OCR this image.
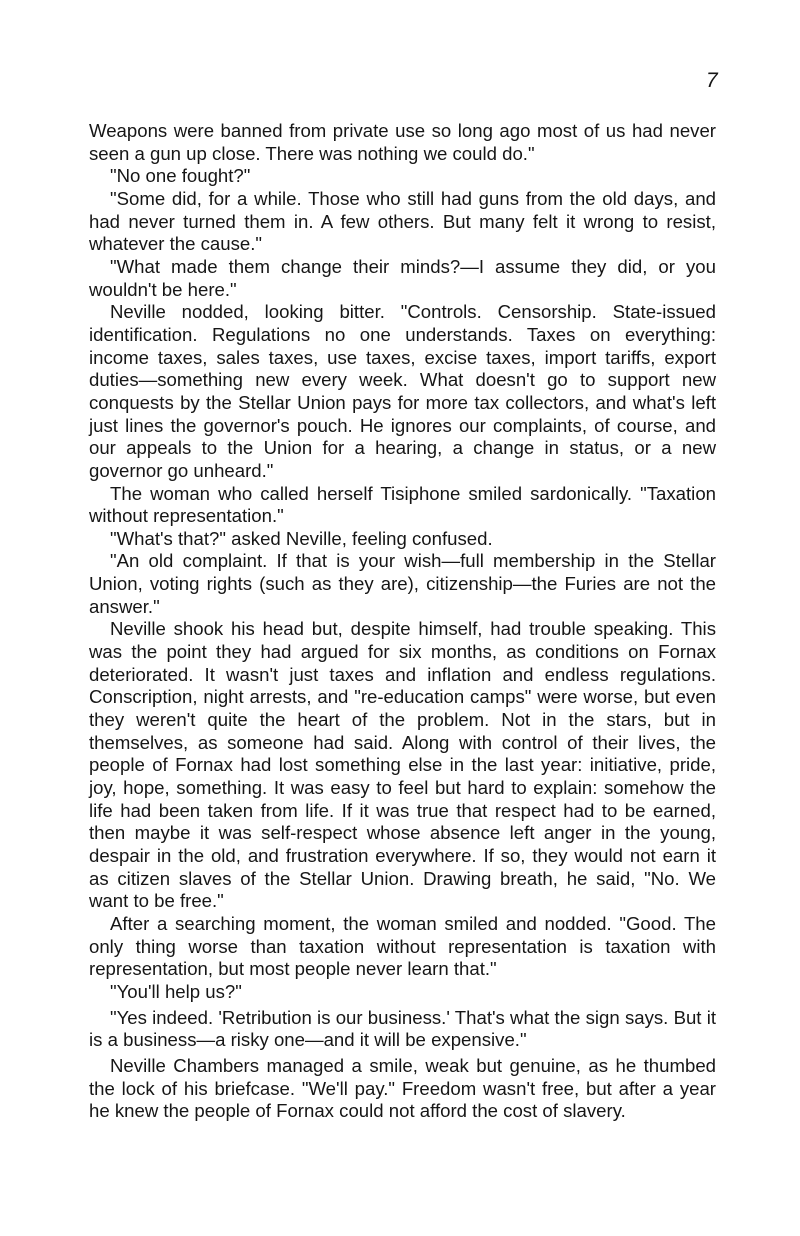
7

Weapons were banned from private use so long ago most of us had never seen a gun up close. There was nothing we could do."

"No one fought?"

"Some did, for a while. Those who still had guns from the old days, and had never turned them in. A few others. But many felt it wrong to resist, whatever the cause."

"What made them change their minds?—I assume they did, or you wouldn't be here."

Neville nodded, looking bitter. "Controls. Censorship. State-issued identification. Regulations no one understands. Taxes on everything: income taxes, sales taxes, use taxes, excise taxes, import tariffs, export duties—something new every week. What doesn't go to support new conquests by the Stellar Union pays for more tax collectors, and what's left just lines the governor's pouch. He ignores our complaints, of course, and our appeals to the Union for a hearing, a change in status, or a new governor go unheard."

The woman who called herself Tisiphone smiled sardonically. "Taxation without representation."

"What's that?" asked Neville, feeling confused.

"An old complaint. If that is your wish—full membership in the Stellar Union, voting rights (such as they are), citizenship—the Furies are not the answer."

Neville shook his head but, despite himself, had trouble speaking. This was the point they had argued for six months, as conditions on Fornax deteriorated. It wasn't just taxes and inflation and endless regulations. Conscription, night arrests, and "re-education camps" were worse, but even they weren't quite the heart of the problem. Not in the stars, but in themselves, as someone had said. Along with control of their lives, the people of Fornax had lost something else in the last year: initiative, pride, joy, hope, something. It was easy to feel but hard to explain: somehow the life had been taken from life. If it was true that respect had to be earned, then maybe it was self-respect whose absence left anger in the young, despair in the old, and frustration everywhere. If so, they would not earn it as citizen slaves of the Stellar Union. Drawing breath, he said, "No. We want to be free."

After a searching moment, the woman smiled and nodded. "Good. The only thing worse than taxation without representation is taxation with representation, but most people never learn that."

"You'll help us?"

"Yes indeed. 'Retribution is our business.' That's what the sign says. But it is a business—a risky one—and it will be expensive."

Neville Chambers managed a smile, weak but genuine, as he thumbed the lock of his briefcase. "We'll pay." Freedom wasn't free, but after a year he knew the people of Fornax could not afford the cost of slavery.
